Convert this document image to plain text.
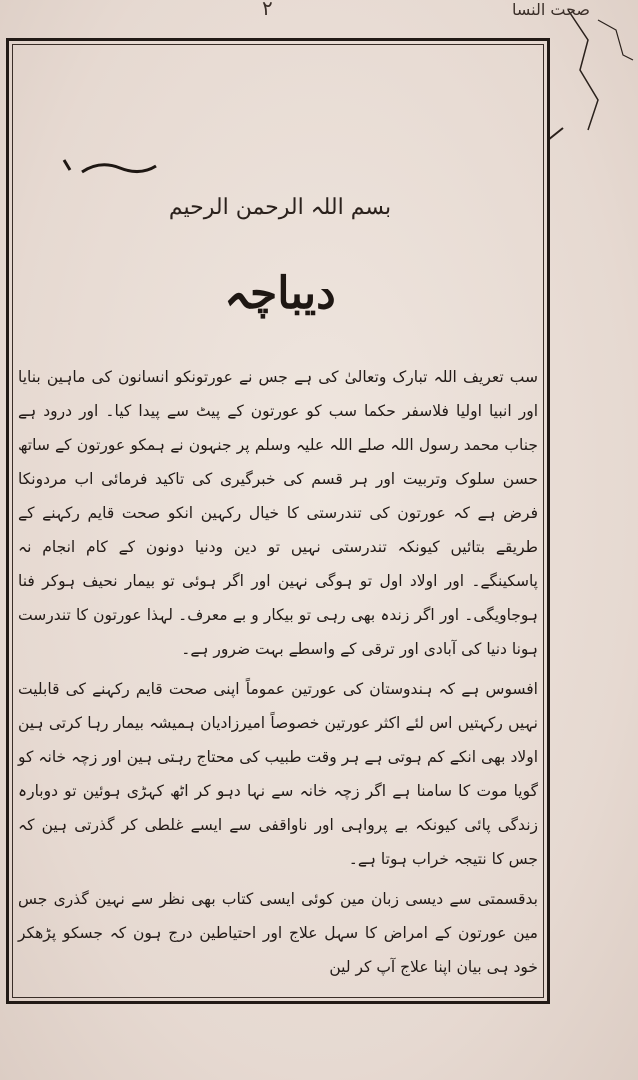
۲	صحت النسا
بسم اللہ الرحمن الرحیم
دیباچہ

سب تعریف اللہ تبارک وتعالیٰ کی ہے جس نے عورتونکو انسانون کی ماہین بنایا اور انبیا اولیا فلاسفر حکما سب کو عورتون کے پیٹ سے پیدا کیا۔ اور درود ہے جناب محمد رسول اللہ صلے اللہ علیہ وسلم پر جنہون نے ہمکو عورتون کے ساتھ حسن سلوک وتربیت اور ہر قسم کی خبرگیری کی تاکید فرمائی اب مردونکا فرض ہے کہ عورتون کی تندرستی کا خیال رکہین انکو صحت قایم رکہنے کے طریقے بتائیں کیونکہ تندرستی نہیں تو دین ودنیا دونون کے کام انجام نہ پاسکینگے۔ اور اولاد اول تو ہوگی نہین اور اگر ہوئی تو بیمار نحیف ہوکر فنا ہوجاویگی۔ اور اگر زندہ بھی رہی تو بیکار و بے معرف۔ لہذا عورتون کا تندرست ہونا دنیا کی آبادی اور ترقی کے واسطے بہت ضرور ہے۔

افسوس ہے کہ ہندوستان کی عورتین عموماً اپنی صحت قایم رکہنے کی قابلیت نہیں رکہتیں اس لئے اکثر عورتین خصوصاً امیرزادیان ہمیشہ بیمار رہا کرتی ہین اولاد بھی انکے کم ہوتی ہے ہر وقت طبیب کی محتاج رہتی ہین اور زچہ خانہ کو گویا موت کا سامنا ہے اگر زچہ خانہ سے نہا دہو کر اٹھ کہڑی ہوئین تو دوبارہ زندگی پائی کیونکہ بے پرواہی اور ناواقفی سے ایسے غلطی کر گذرتی ہین کہ جس کا نتیجہ خراب ہوتا ہے۔

بدقسمتی سے دیسی زبان مین کوئی ایسی کتاب بھی نظر سے نہین گذری جس مین عورتون کے امراض کا سہل علاج اور احتیاطین درج ہون کہ جسکو پڑھکر خود ہی بیان اپنا علاج آپ کر لین
